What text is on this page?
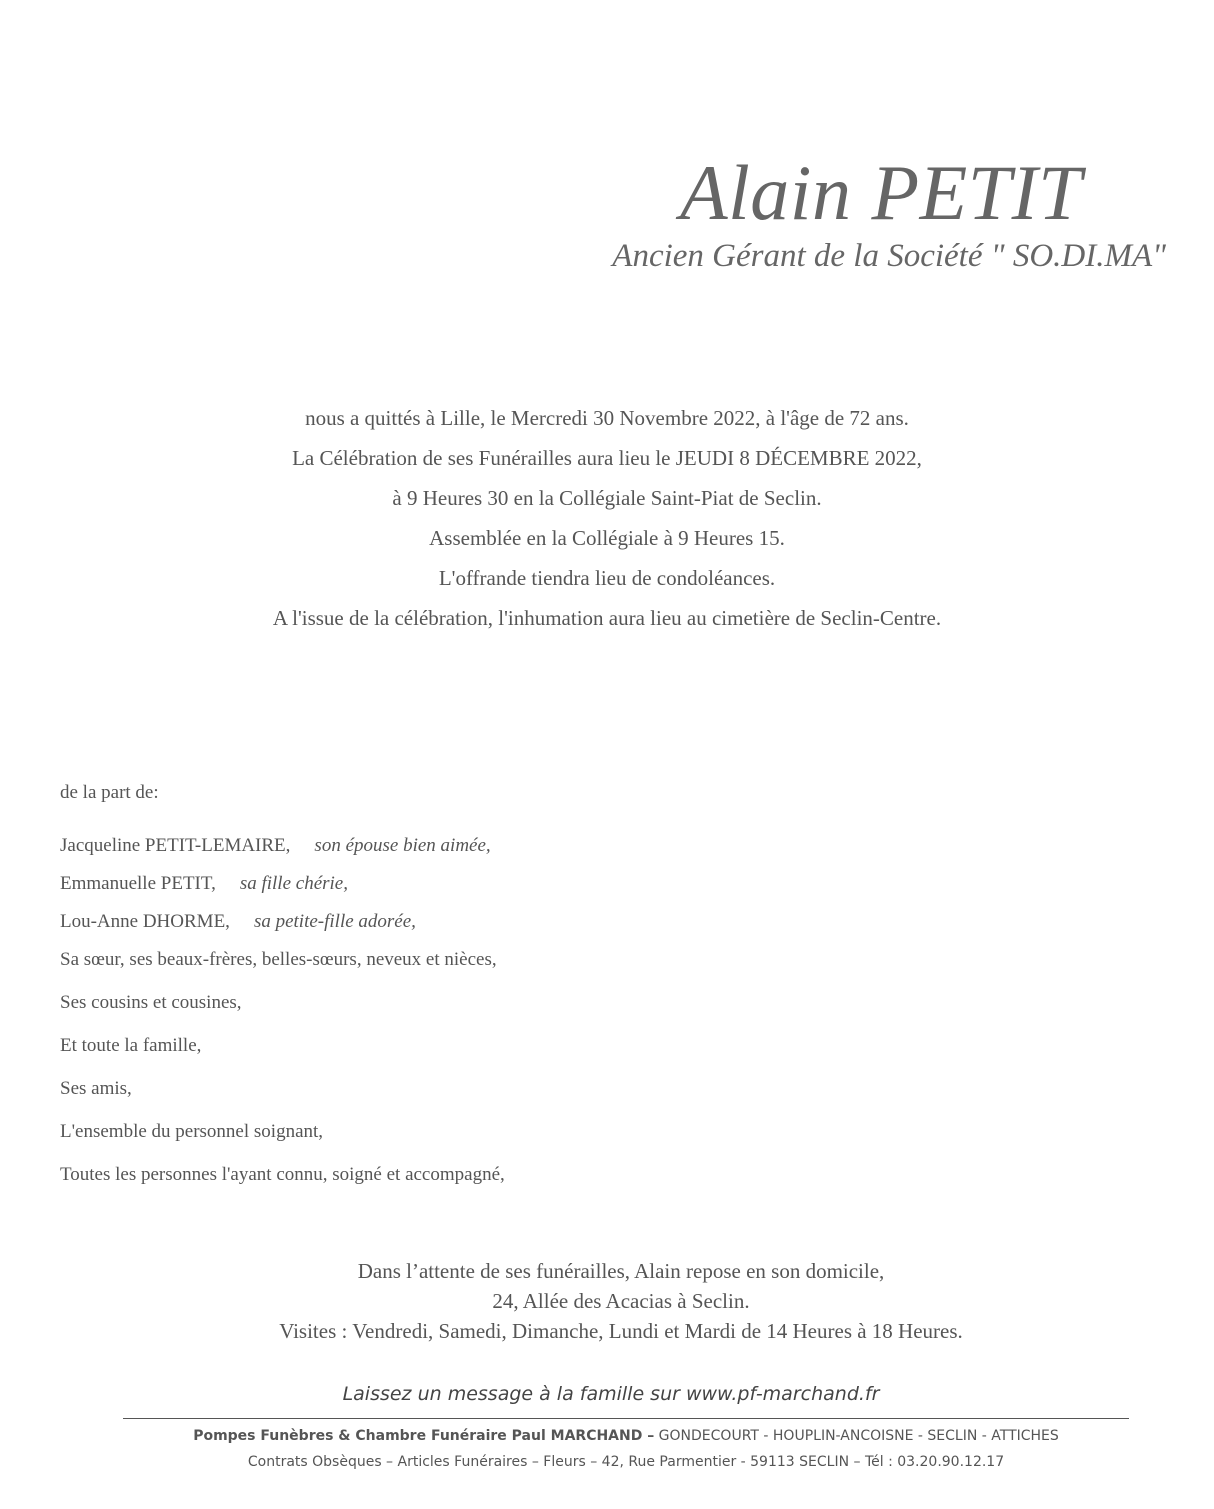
Alain PETIT
Ancien Gérant de la Société " SO.DI.MA"
nous a quittés à Lille, le Mercredi 30 Novembre 2022, à l'âge de 72 ans.
La Célébration de ses Funérailles aura lieu le JEUDI 8 DÉCEMBRE 2022,
à 9 Heures 30 en la Collégiale Saint-Piat de Seclin.
Assemblée en la Collégiale à 9 Heures 15.
L'offrande tiendra lieu de condoléances.
A l'issue de la célébration, l'inhumation aura lieu au cimetière de Seclin-Centre.
de la part de:
Jacqueline PETIT-LEMAIRE, son épouse bien aimée,
Emmanuelle PETIT, sa fille chérie,
Lou-Anne DHORME, sa petite-fille adorée,
Sa sœur, ses beaux-frères, belles-sœurs, neveux et nièces,
Ses cousins et cousines,
Et toute la famille,
Ses amis,
L'ensemble du personnel soignant,
Toutes les personnes l'ayant connu, soigné et accompagné,
Dans l’attente de ses funérailles, Alain repose en son domicile,
24, Allée des Acacias à Seclin.
Visites : Vendredi, Samedi, Dimanche, Lundi et Mardi de 14 Heures à 18 Heures.
Laissez un message à la famille sur www.pf-marchand.fr
Pompes Funèbres & Chambre Funéraire Paul MARCHAND – GONDECOURT - HOUPLIN-ANCOISNE - SECLIN - ATTICHES
Contrats Obsèques – Articles Funéraires – Fleurs – 42, Rue Parmentier - 59113 SECLIN – Tél : 03.20.90.12.17
